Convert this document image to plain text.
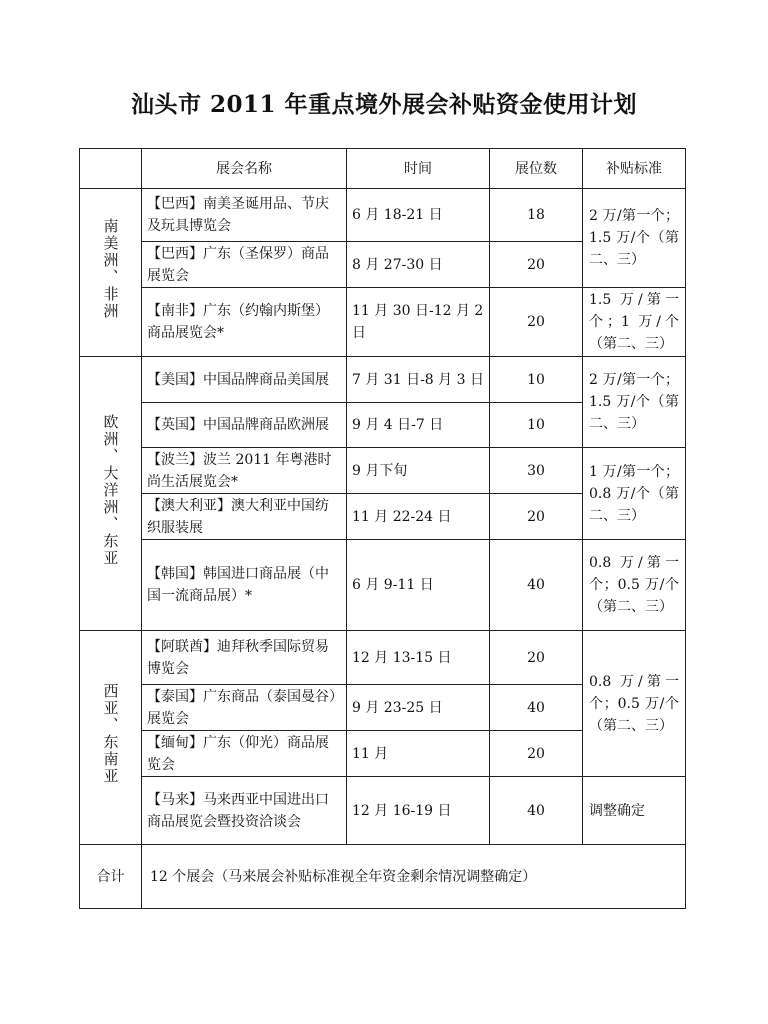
汕头市 2011 年重点境外展会补贴资金使用计划
	展会名称	时间	展位数	补贴标准
南美洲、非洲	【巴西】南美圣诞用品、节庆及玩具博览会	6 月 18-21 日	18	2 万/第一个；1.5 万/个（第二、三）
	【巴西】广东（圣保罗）商品展览会	8 月 27-30 日	20	
	【南非】广东（约翰内斯堡）商品展览会*	11 月 30 日-12 月 2 日	20	1.5 万/第一个；1 万/个（第二、三）
欧洲、大洋洲、东亚	【美国】中国品牌商品美国展	7 月 31 日-8 月 3 日	10	2 万/第一个；1.5 万/个（第二、三）
	【英国】中国品牌商品欧洲展	9 月 4 日-7 日	10	
	【波兰】波兰 2011 年粤港时尚生活展览会*	9 月下旬	30	1 万/第一个；0.8 万/个（第二、三）
	【澳大利亚】澳大利亚中国纺织服装展	11 月 22-24 日	20	
	【韩国】韩国进口商品展（中国一流商品展）*	6 月 9-11 日	40	0.8 万/第一个；0.5 万/个（第二、三）
西亚、东南亚	【阿联酋】迪拜秋季国际贸易博览会	12 月 13-15 日	20	0.8 万/第一个；0.5 万/个（第二、三）
	【泰国】广东商品（泰国曼谷）展览会	9 月 23-25 日	40	
	【缅甸】广东（仰光）商品展览会	11 月	20	
	【马来】马来西亚中国进出口商品展览会暨投资洽谈会	12 月 16-19 日	40	调整确定
合计	12 个展会（马来展会补贴标准视全年资金剩余情况调整确定）			
